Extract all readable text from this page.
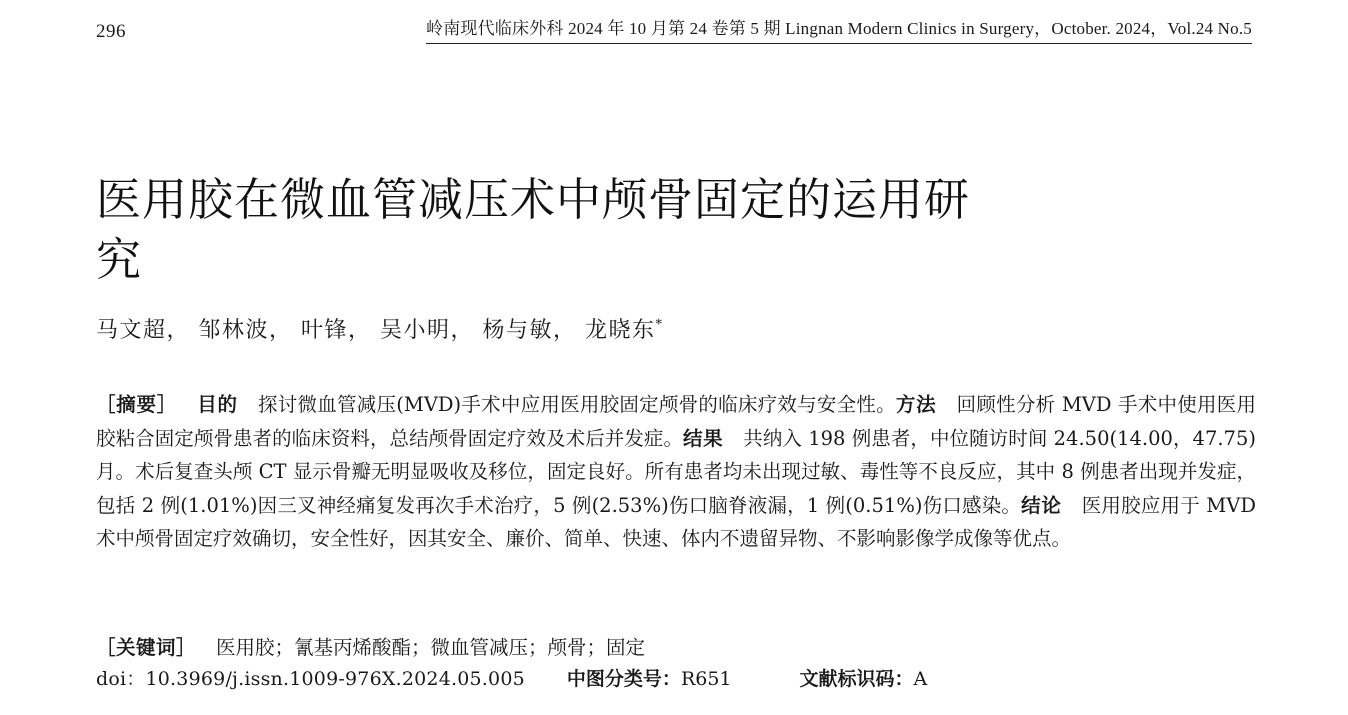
296	岭南现代临床外科 2024 年 10 月第 24 卷第 5 期 Lingnan Modern Clinics in Surgery，October. 2024，Vol.24 No.5
医用胶在微血管减压术中颅骨固定的运用研究
马文超， 邹林波， 叶锋， 吴小明， 杨与敏， 龙晓东*

［摘要］ 目的 探讨微血管减压(MVD)手术中应用医用胶固定颅骨的临床疗效与安全性。方法 回顾性分析 MVD 手术中使用医用胶粘合固定颅骨患者的临床资料，总结颅骨固定疗效及术后并发症。结果 共纳入 198 例患者，中位随访时间 24.50(14.00，47.75)月。术后复查头颅 CT 显示骨瓣无明显吸收及移位，固定良好。所有患者均未出现过敏、毒性等不良反应，其中 8 例患者出现并发症，包括 2 例(1.01%)因三叉神经痛复发再次手术治疗，5 例(2.53%)伤口脑脊液漏，1 例(0.51%)伤口感染。结论 医用胶应用于 MVD 术中颅骨固定疗效确切，安全性好，因其安全、廉价、简单、快速、体内不遗留异物、不影响影像学成像等优点。

［关键词］ 医用胶；氰基丙烯酸酯；微血管减压；颅骨；固定
doi：10.3969/j.issn.1009-976X.2024.05.005 中图分类号：R651	文献标识码：A
